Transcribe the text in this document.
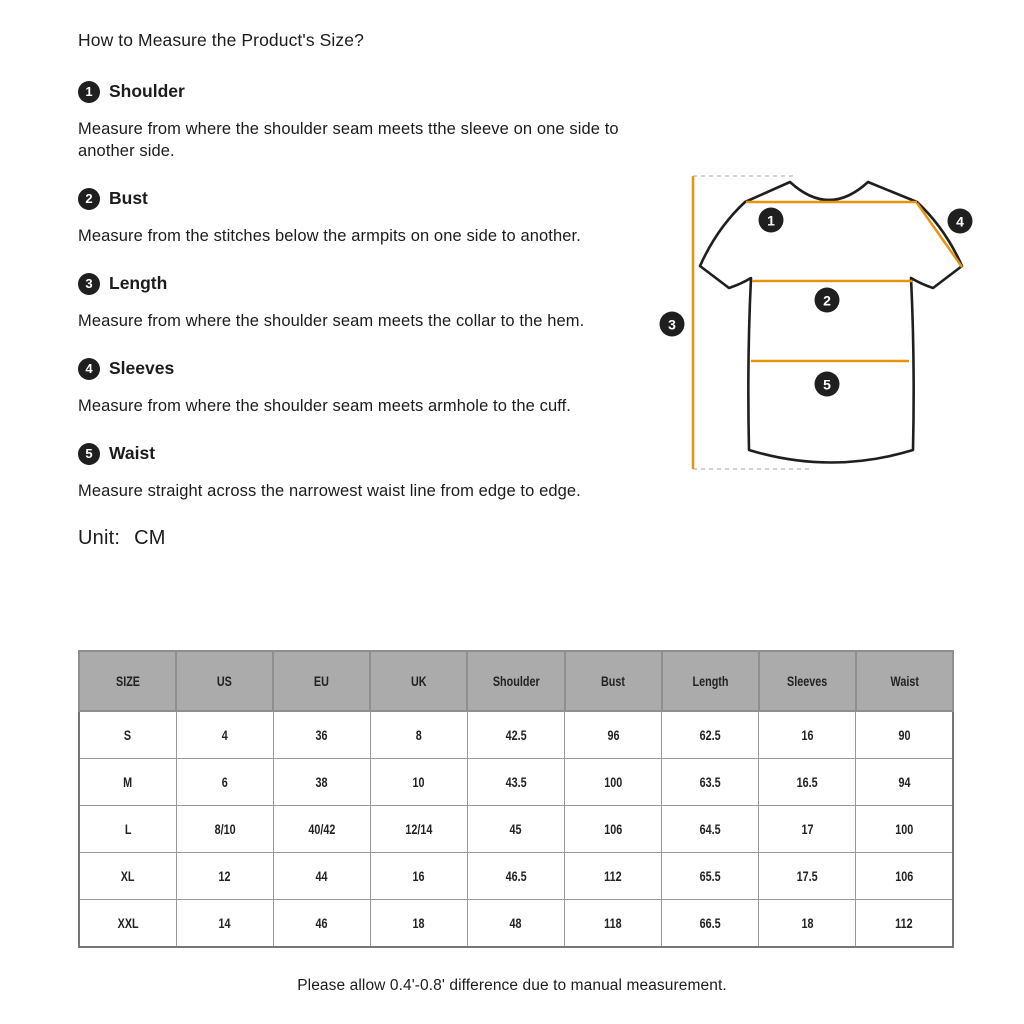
How to Measure the Product's Size?
1 Shoulder

Measure from where the shoulder seam meets tthe sleeve on one side to another side.

2 Bust

Measure from the stitches below the armpits on one side to another.

3 Length

Measure from where the shoulder seam meets the collar to the hem.

4 Sleeves

Measure from where the shoulder seam meets armhole to the cuff.

5 Waist

Measure straight across the narrowest waist line from edge to edge.

Unit: CM
1
2
3
4
5
SIZE	US	EU	UK	Shoulder	Bust	Length	Sleeves	Waist
S	4	36	8	42.5	96	62.5	16	90
M	6	38	10	43.5	100	63.5	16.5	94
L	8/10	40/42	12/14	45	106	64.5	17	100
XL	12	44	16	46.5	112	65.5	17.5	106
XXL	14	46	18	48	118	66.5	18	112
Please allow 0.4'-0.8' difference due to manual measurement.
